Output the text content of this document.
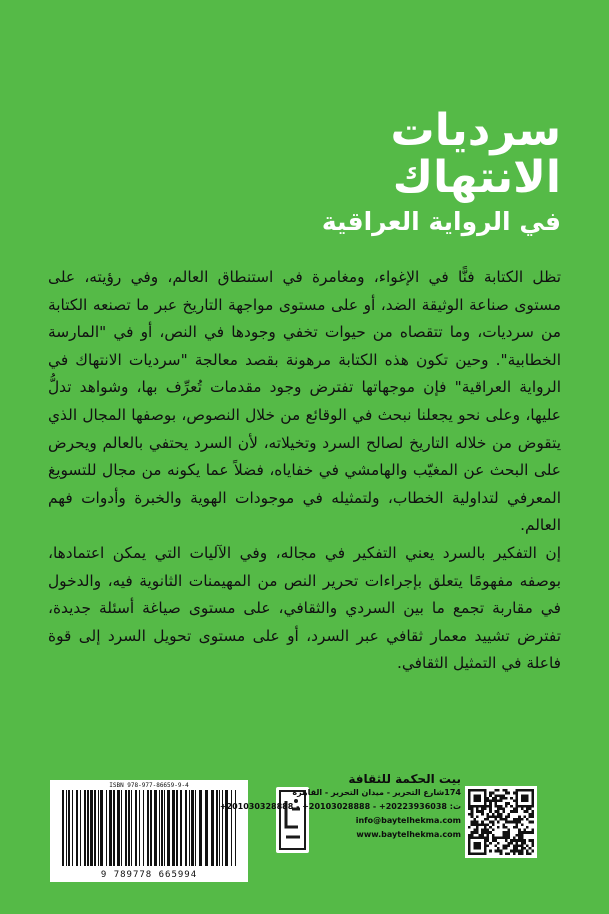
سرديات
الانتهاك
في الرواية العراقية

تظل الكتابة فنًّا في الإغواء، ومغامرة في استنطاق العالم، وفي رؤيته، على مستوى صناعة الوثيقة الضد، أو على مستوى مواجهة التاريخ عبر ما تصنعه الكتابة من سرديات، وما تتقصاه من حيوات تخفي وجودها في النص، أو في "المارسة الخطابية". وحين تكون هذه الكتابة مرهونة بقصد معالجة "سرديات الانتهاك في الرواية العراقية" فإن موجهاتها تفترض وجود مقدمات تُعرِّف بها، وشواهد تدلُّ عليها، وعلى نحو يجعلنا نبحث في الوقائع من خلال النصوص، بوصفها المجال الذي يتقوض من خلاله التاريخ لصالح السرد وتخيلاته، لأن السرد يحتفي بالعالم ويحرض على البحث عن المغيّب والهامشي في خفاياه، فضلاً عما يكونه من مجال للتسويغ المعرفي لتداولية الخطاب، ولتمثيله في موجودات الهوية والخبرة وأدوات فهم العالم.

إن التفكير بالسرد يعني التفكير في مجاله، وفي الآليات التي يمكن اعتمادها، بوصفه مفهومًا يتعلق بإجراءات تحرير النص من المهيمنات الثانوية فيه، والدخول في مقاربة تجمع ما بين السردي والثقافي، على مستوى صياغة أسئلة جديدة، تفترض تشييد معمار ثقافي عبر السرد، أو على مستوى تحويل السرد إلى قوة فاعلة في التمثيل الثقافي.

ISBN 978-977-86659-9-4
9 789778 665994
بيت الحكمة للثقافة
174شارع التحرير - ميدان التحرير - القاهرة
ت: 20223936038+ - 20103028888+ - 201030328888+
info@baytelhekma.com
www.baytelhekma.com
